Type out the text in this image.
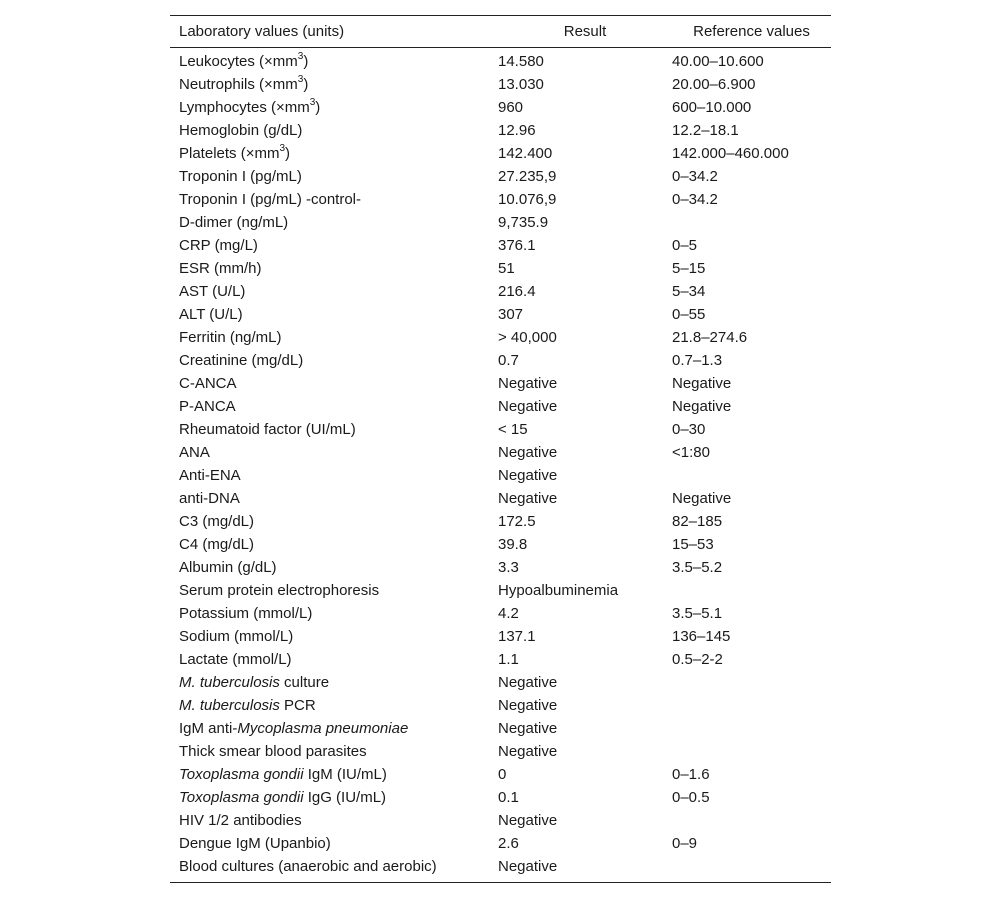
Laboratory values (units)	Result	Reference values
Leukocytes $(\times mm^3)$	14.580	40.00‒10.600
Neutrophils $(\times mm^3)$	13.030	20.00‒6.900
Lymphocytes $(\times mm^3)$	960	600‒10.000
Hemoglobin (g/dL)	12.96	12.2‒18.1
Platelets $(\times mm^3)$	142.400	142.000‒460.000
Troponin I (pg/mL)	27.235,9	0‒34.2
Troponin I (pg/mL) -control-	10.076,9	0‒34.2
D-dimer (ng/mL)	9,735.9	
CRP (mg/L)	376.1	0‒5
ESR (mm/h)	51	5‒15
AST (U/L)	216.4	5‒34
ALT (U/L)	307	0‒55
Ferritin (ng/mL)	> 40,000	21.8‒274.6
Creatinine (mg/dL)	0.7	0.7‒1.3
C-ANCA	Negative	Negative
P-ANCA	Negative	Negative
Rheumatoid factor (UI/mL)	< 15	0‒30
ANA	Negative	<1:80
Anti-ENA	Negative	
anti-DNA	Negative	Negative
C3 (mg/dL)	172.5	82‒185
C4 (mg/dL)	39.8	15‒53
Albumin (g/dL)	3.3	3.5‒5.2
Serum protein electrophoresis	Hypoalbuminemia	
Potassium (mmol/L)	4.2	3.5‒5.1
Sodium (mmol/L)	137.1	136‒145
Lactate (mmol/L)	1.1	0.5‒2-2
M. tuberculosis culture	Negative	
M. tuberculosis PCR	Negative	
IgM anti-Mycoplasma pneumoniae	Negative	
Thick smear blood parasites	Negative	
Toxoplasma gondii IgM (IU/mL)	0	0‒1.6
Toxoplasma gondii IgG (IU/mL)	0.1	0‒0.5
HIV 1/2 antibodies	Negative	
Dengue IgM (Upanbio)	2.6	0‒9
Blood cultures (anaerobic and aerobic)	Negative	
